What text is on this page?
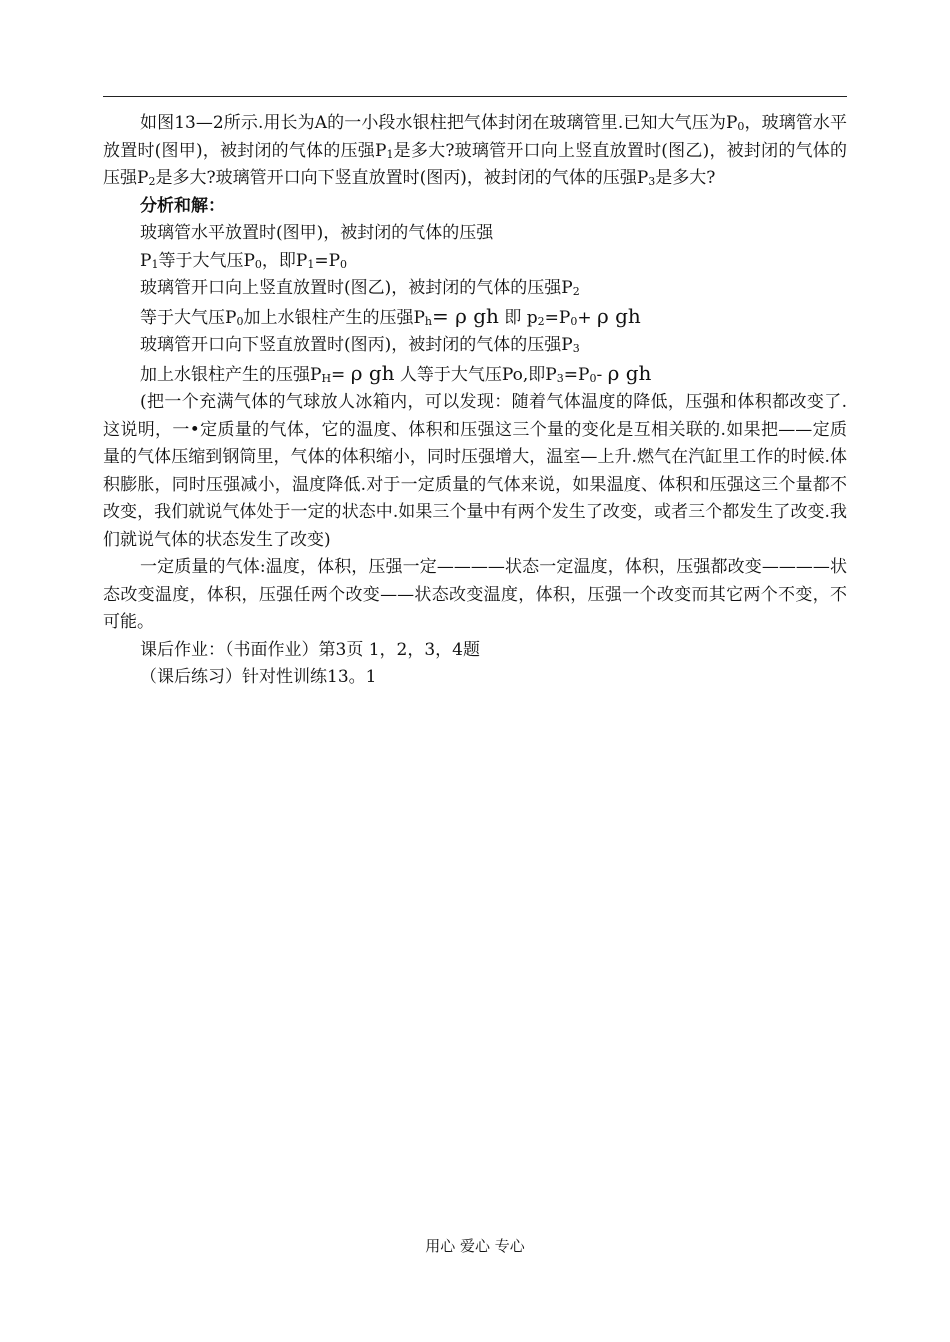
如图13—2所示.用长为A的一小段水银柱把气体封闭在玻璃管里.已知大气压为$P_0$，玻璃管水平放置时(图甲)，被封闭的气体的压强$P_1$是多大?玻璃管开口向上竖直放置时(图乙)，被封闭的气体的压强$P_2$是多大?玻璃管开口向下竖直放置时(图丙)，被封闭的气体的压强$P_3$是多大?

分析和解：

玻璃管水平放置时(图甲)，被封闭的气体的压强

$P_1$等于大气压$P_0$，即$P_1=P_0$

玻璃管开口向上竖直放置时(图乙)，被封闭的气体的压强$P_2$

等于大气压$P_0$加上水银柱产生的压强$P_h= \rho$ gh 即 $p_2=P_0+ \rho$ gh

玻璃管开口向下竖直放置时(图丙)，被封闭的气体的压强$P_3$

加上水银柱产生的压强$P_H= \rho$ gh 人等于大气压Po,即$P_3=P_0-$ ρ gh

(把一个充满气体的气球放人冰箱内，可以发现：随着气体温度的降低，压强和体积都改变了.这说明，一•定质量的气体，它的温度、体积和压强这三个量的变化是互相关联的.如果把——定质量的气体压缩到钢筒里，气体的体积缩小，同时压强增大，温室—上升.燃气在汽缸里工作的时候.体积膨胀，同时压强减小，温度降低.对于一定质量的气体来说，如果温度、体积和压强这三个量都不改变，我们就说气体处于一定的状态中.如果三个量中有两个发生了改变，或者三个都发生了改变.我们就说气体的状态发生了改变)

一定质量的气体:温度，体积，压强一定————状态一定温度，体积，压强都改变————状态改变温度，体积，压强任两个改变——状态改变温度，体积，压强一个改变而其它两个不变，不可能。

课后作业：（书面作业）第3页 1，2，3，4题

（课后练习）针对性训练13。1

用心 爱心 专心
